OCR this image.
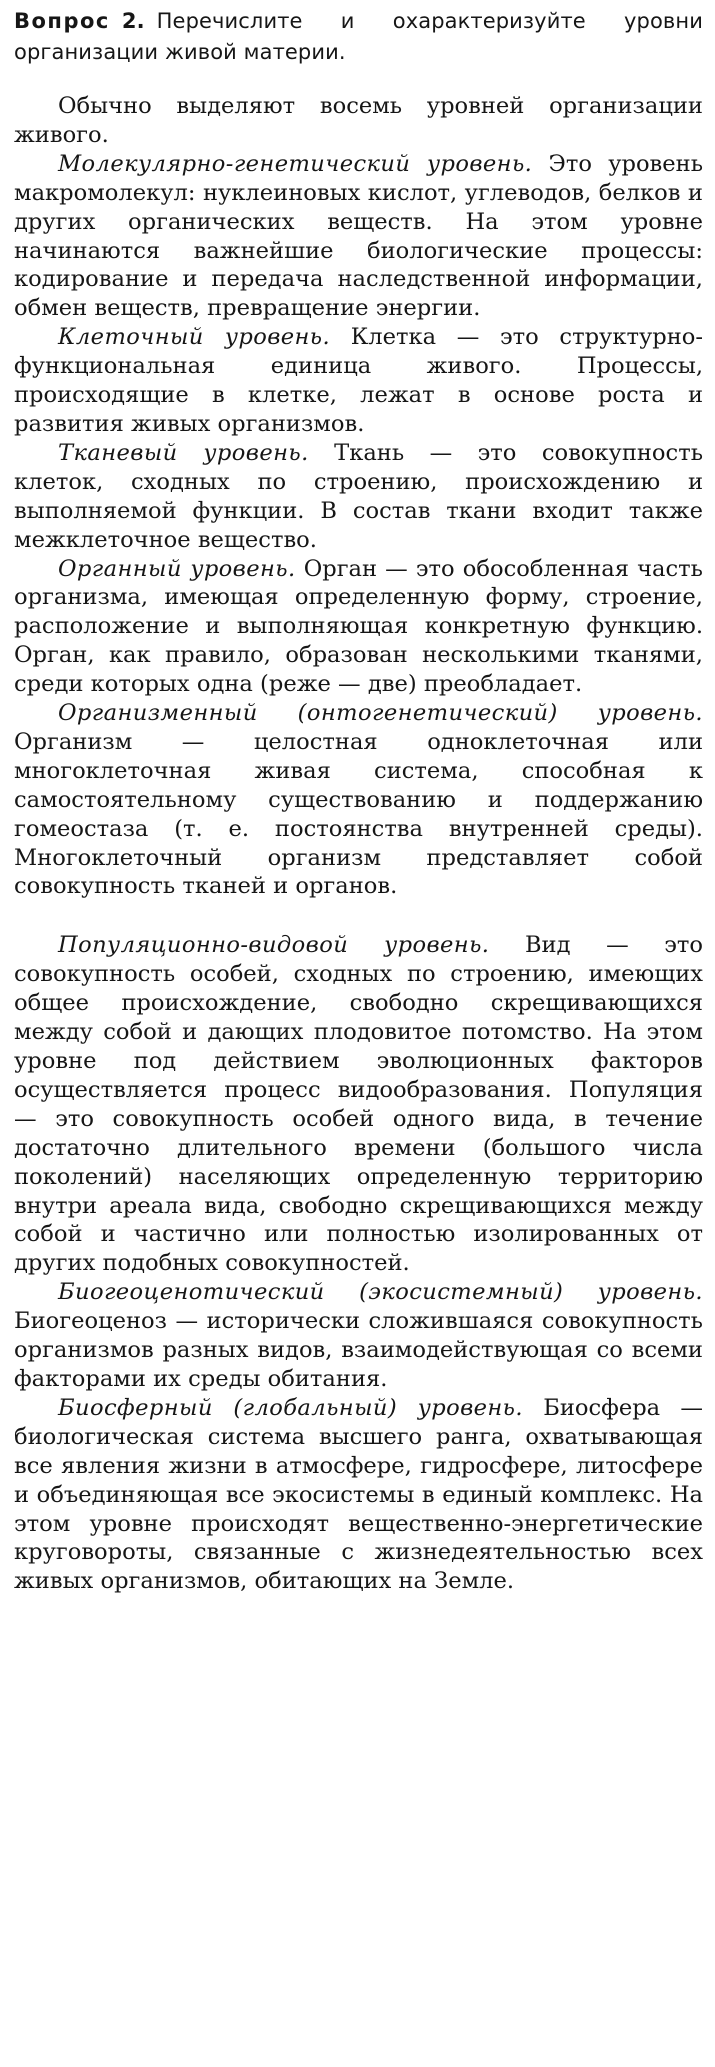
Вопрос 2. Перечислите и охарактеризуйте уровни организации живой материи.

Обычно выделяют восемь уровней организации живого.

Молекулярно-генетический уровень. Это уровень макромолекул: нуклеиновых кислот, углеводов, белков и других органических веществ. На этом уровне начинаются важнейшие биологические процессы: кодирование и передача наследственной информации, обмен веществ, превращение энергии.

Клеточный уровень. Клетка — это структурно-функциональная единица живого. Процессы, происходящие в клетке, лежат в основе роста и развития живых организмов.

Тканевый уровень. Ткань — это совокупность клеток, сходных по строению, происхождению и выполняемой функции. В состав ткани входит также межклеточное вещество.

Органный уровень. Орган — это обособленная часть организма, имеющая определенную форму, строение, расположение и выполняющая конкретную функцию. Орган, как правило, образован несколькими тканями, среди которых одна (реже — две) преобладает.

Организменный (онтогенетический) уровень. Организм — целостная одноклеточная или многоклеточная живая система, способная к самостоятельному существованию и поддержанию гомеостаза (т. е. постоянства внутренней среды). Многоклеточный организм представляет собой совокупность тканей и органов.

Популяционно-видовой уровень. Вид — это совокупность особей, сходных по строению, имеющих общее происхождение, свободно скрещивающихся между собой и дающих плодовитое потомство. На этом уровне под действием эволюционных факторов осуществляется процесс видообразования. Популяция — это совокупность особей одного вида, в течение достаточно длительного времени (большого числа поколений) населяющих определенную территорию внутри ареала вида, свободно скрещивающихся между собой и частично или полностью изолированных от других подобных совокупностей.

Биогеоценотический (экосистемный) уровень. Биогеоценоз — исторически сложившаяся совокупность организмов разных видов, взаимодействующая со всеми факторами их среды обитания.

Биосферный (глобальный) уровень. Биосфера — биологическая система высшего ранга, охватывающая все явления жизни в атмосфере, гидросфере, литосфере и объединяющая все экосистемы в единый комплекс. На этом уровне происходят вещественно-энергетические круговороты, связанные с жизнедеятельностью всех живых организмов, обитающих на Земле.
